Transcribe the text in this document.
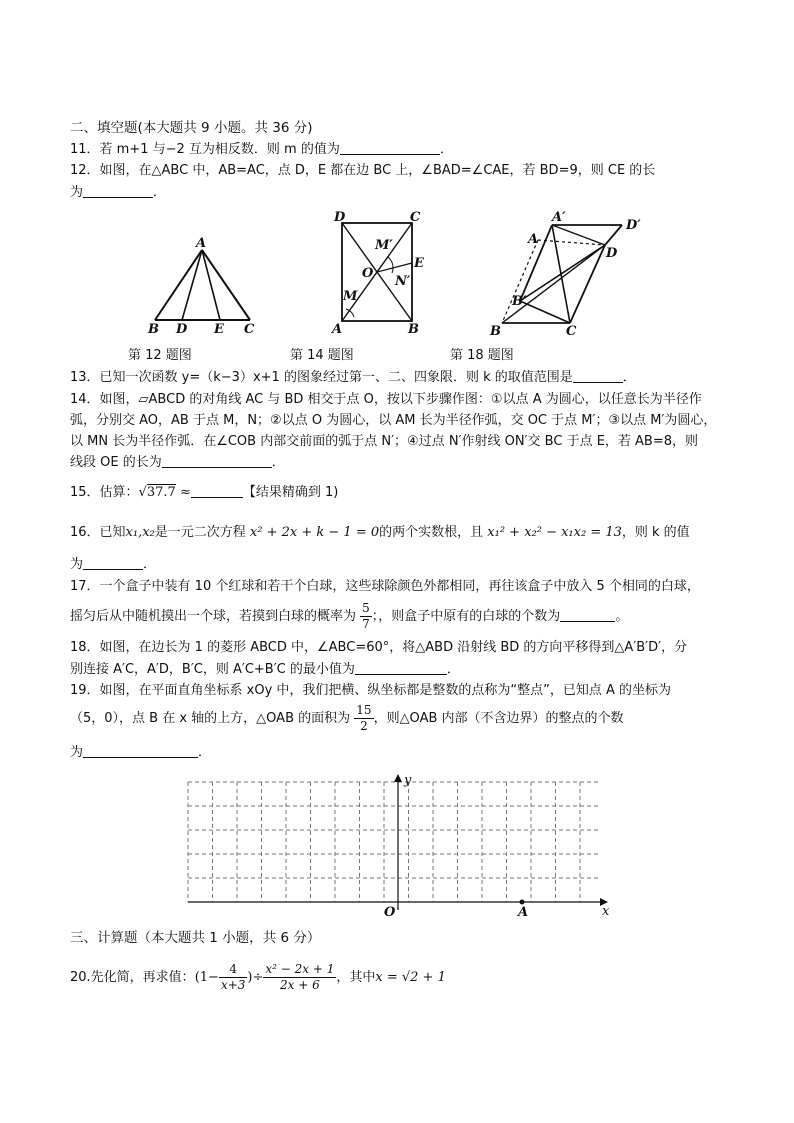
二、填空题(本大题共 9 小题。共 36 分)
11．若 m+1 与−2 互为相反数．则 m 的值为	．
12．如图，在△ABC 中，AB=AC，点 D，E 都在边 BC 上，∠BAD=∠CAE，若 BD=9，则 CE 的长
为	．
A
B D E C
D	C
A	B
O
E
M
M′
N′
A
A′
D′
D
B′
B	C
第 12 题图	第 14 题图	第 18 题图
13．已知一次函数 y=（k−3）x+1 的图象经过第一、二、四象限．则 k 的取值范围是	．
14．如图，▱ABCD 的对角线 AC 与 BD 相交于点 O，按以下步骤作图：①以点 A 为圆心，以任意长为半径作
弧，分别交 AO，AB 于点 M，N；②以点 O 为圆心，以 AM 长为半径作弧，交 OC 于点 M′；③以点 M′为圆心，
以 MN 长为半径作弧．在∠COB 内部交前面的弧于点 N′；④过点 N′作射线 ON′交 BC 于点 E，若 AB=8，则
线段 OE 的长为	．
15．估算：√37.7 ≈	【结果精确到 1)
16．已知x₁,x₂是一元二次方程 x² + 2x + k − 1 = 0的两个实数根，且 x₁² + x₂² − x₁x₂ = 13，则 k 的值
为	．
17．一个盒子中装有 10 个红球和若干个白球，这些球除颜色外都相同，再往该盒子中放入 5 个相同的白球，
摇匀后从中随机摸出一个球，若摸到白球的概率为 $\frac{5}{7}$ ；，则盒子中原有的白球的个数为	。
18．如图，在边长为 1 的菱形 ABCD 中，∠ABC=60°，将△ABD 沿射线 BD 的方向平移得到△A′B′D′，分
别连接 A′C，A′D，B′C，则 A′C+B′C 的最小值为	．
19．如图，在平面直角坐标系 xOy 中，我们把横、纵坐标都是整数的点称为“整点”，已知点 A 的坐标为
（5，0），点 B 在 x 轴的上方，△OAB 的面积为 $\frac{15}{2}$ ，则△OAB 内部（不含边界）的整点的个数
为	．
x
y
O	A
三、计算题（本大题共 1 小题，共 6 分）
20.先化简，再求值：($1- \frac{4}{x+3}$ )÷ $\frac{\text{x² − 2x + 1}}{2x + 6}$ ，其中x = √2 + 1
